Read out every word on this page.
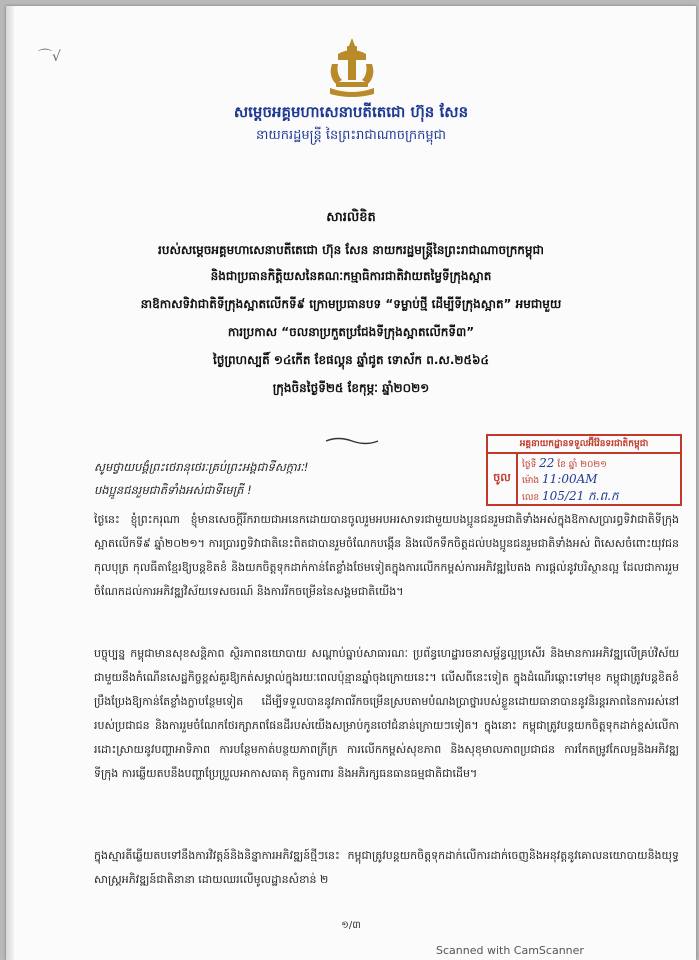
⌒√
សម្តេចអគ្គមហាសេនាបតីតេជោ ហ៊ុន សែន
នាយករដ្ឋមន្ត្រី នៃព្រះរាជាណាចក្រកម្ពុជា
សារលិខិត
របស់សម្តេចអគ្គមហាសេនាបតីតេជោ ហ៊ុន សែន នាយករដ្ឋមន្ត្រីនៃព្រះរាជាណាចក្រកម្ពុជា
និងជាប្រធានកិត្តិយសនៃគណៈកម្មាធិការជាតិវាយតម្លៃទីក្រុងស្អាត
នាឱកាសទិវាជាតិទីក្រុងស្អាតលើកទី៩ ក្រោមប្រធានបទ “ទម្លាប់ថ្មី ដើម្បីទីក្រុងស្អាត” អមជាមួយ
ការប្រកាស “ចលនាប្រកួតប្រជែងទីក្រុងស្អាតលើកទី៣”
ថ្ងៃព្រហស្បតិ៍ ១៤កើត ខែផល្គុន ឆ្នាំជូត ទោស័ក ព.ស.២៥៦៤
ក្រុងចិនថ្ងៃទី២៥ ខែកុម្ភៈ ឆ្នាំ២០២១
អគ្គនាយកដ្ឋានទទួលអ៊ីវ៉ែនទរជាតិកម្ពុជា
ចូល
ថ្ងៃទី 22 ខែ ឆ្នាំ ២០២១
ម៉ោង 11:00AM
លេខ 105/21 ក.ព.ក
សូមថ្វាយបង្គំព្រះថេរានុថេរៈគ្រប់ព្រះអង្គជាទីសក្ការៈ!
បងប្អូនជនរួមជាតិទាំងអស់ជាទីមេត្រី !
ថ្ងៃនេះ ខ្ញុំព្រះករុណា ខ្ញុំមានសេចក្តីរីករាយជាអនេកដោយបានចូលរួមអបអរសាទរជាមួយបងប្អូនជនរួមជាតិទាំងអស់ក្នុងឱកាសប្រារព្ធទិវាជាតិទីក្រុងស្អាតលើកទី៩ ឆ្នាំ២០២១។ ការប្រារព្ធទិវាជាតិនេះពិតជាបានរួមចំណែកបង្កើន និងលើកទឹកចិត្តដល់បងប្អូនជនរួមជាតិទាំងអស់ ពិសេសចំពោះយុវជន កុលបុត្រ កុលធីតាខ្មែរឱ្យបន្តខិតខំ និងយកចិត្តទុកដាក់កាន់តែខ្លាំងថែមទៀតក្នុងការលើកកម្ពស់ការអភិវឌ្ឍបៃតង ការផ្តល់នូវបរិស្ថានល្អ ដែលជាការរួមចំណែកដល់ការអភិវឌ្ឍវិស័យទេសចរណ៍ និងការរីកចម្រើននៃសង្គមជាតិយើង។
បច្ចុប្បន្ន កម្ពុជាមានសុខសន្តិភាព ស្ថិរភាពនយោបាយ សណ្តាប់ធ្នាប់សាធារណៈ ប្រព័ន្ធហេដ្ឋារចនាសម្ព័ន្ធល្អប្រសើរ និងមានការអភិវឌ្ឍលើគ្រប់វិស័យ ជាមួយនឹងកំណើនសេដ្ឋកិច្ចខ្ពស់គួរឱ្យកត់សម្គាល់ក្នុងរយៈពេលប៉ុន្មានឆ្នាំចុងក្រោយនេះ។ លើសពីនេះទៀត ក្នុងដំណើរឆ្ពោះទៅមុខ កម្ពុជាត្រូវបន្តខិតខំប្រឹងប្រែងឱ្យកាន់តែខ្លាំងក្លាបន្ថែមទៀត ដើម្បីទទួលបាននូវភាពរីកចម្រើនស្របតាមបំណងប្រាថ្នារបស់ខ្លួនដោយធានាបាននូវនិរន្តរភាពនៃការរស់នៅរបស់ប្រជាជន និងការរួមចំណែកថែរក្សាភពផែនដីរបស់យើងសម្រាប់កូនចៅជំនាន់ក្រោយៗទៀត។ ក្នុងនោះ កម្ពុជាត្រូវបន្តយកចិត្តទុកដាក់ខ្ពស់លើការដោះស្រាយនូវបញ្ហាអាទិភាព ការបន្ថែមកាត់បន្ថយភាពក្រីក្រ ការលើកកម្ពស់សុខភាព និងសុខុមាលភាពប្រជាជន ការកែតម្រូវកែលម្អនិងអភិវឌ្ឍទីក្រុង ការឆ្លើយតបនឹងបញ្ហាប្រែប្រួលអាកាសធាតុ កិច្ចការពារ និងអភិរក្សធនធានធម្មជាតិជាដើម។
ក្នុងស្មារតីឆ្លើយតបទៅនឹងការវិវត្តន៍និងនិន្នាការអភិវឌ្ឍន៍ថ្មីៗនេះ កម្ពុជាត្រូវបន្តយកចិត្តទុកដាក់លើការដាក់ចេញនិងអនុវត្តនូវគោលនយោបាយនិងយុទ្ធសាស្ត្រអភិវឌ្ឍន៍ជាតិនានា ដោយឈរលើមូលដ្ឋានសំខាន់ ២
១/៣
Scanned with CamScanner
